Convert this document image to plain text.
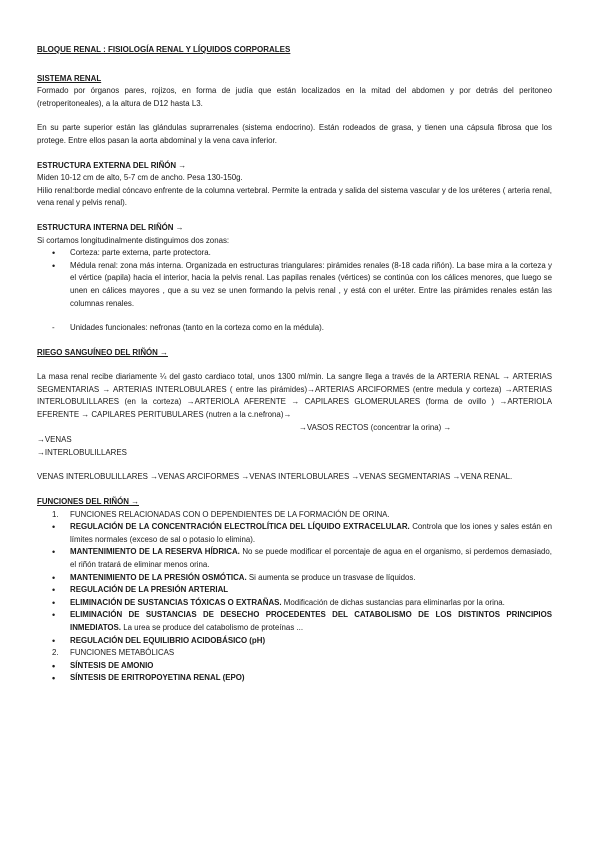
BLOQUE RENAL : FISIOLOGÍA RENAL Y LÍQUIDOS CORPORALES
SISTEMA RENAL

Formado por órganos pares, rojizos, en forma de judía que están localizados en la mitad del abdomen y por detrás del peritoneo (retroperitoneales), a la altura de D12 hasta L3.

En su parte superior están las glándulas suprarrenales (sistema endocrino). Están rodeados de grasa, y tienen una cápsula fibrosa que los protege. Entre ellos pasan la aorta abdominal y la vena cava inferior.

ESTRUCTURA EXTERNA DEL RIÑÓN →

Miden 10-12 cm de alto, 5-7 cm de ancho. Pesa 130-150g.

Hilio renal:borde medial cóncavo enfrente de la columna vertebral. Permite la entrada y salida del sistema vascular y de los uréteres ( arteria renal, vena renal y pelvis renal).

ESTRUCTURA INTERNA DEL RIÑÓN →

Si cortamos longitudinalmente distinguimos dos zonas:

• Corteza: parte externa, parte protectora.
• Médula renal: zona más interna. Organizada en estructuras triangulares: pirámides renales (8-18 cada riñón). La base mira a la corteza y el vértice (papila) hacia el interior, hacia la pelvis renal. Las papilas renales (vértices) se continúa con los cálices menores, que luego se unen en cálices mayores , que a su vez se unen formando la pelvis renal , y está con el uréter. Entre las pirámides renales están las columnas renales.
- Unidades funcionales: nefronas (tanto en la corteza como en la médula).
RIEGO SANGUÍNEO DEL RIÑÓN →

La masa renal recibe diariamente ¼ del gasto cardiaco total, unos 1300 ml/min. La sangre llega a través de la ARTERIA RENAL → ARTERIAS SEGMENTARIAS → ARTERIAS INTERLOBULARES ( entre las pirámides)→ARTERIAS ARCIFORMES (entre medula y corteza) →ARTERIAS INTERLOBULILLARES (en la corteza) →ARTERIOLA AFERENTE → CAPILARES GLOMERULARES (forma de ovillo ) →ARTERIOLA EFERENTE → CAPILARES PERITUBULARES (nutren a la c.nefrona)→

→VASOS RECTOS (concentrar la orina) →
→VENAS
→INTERLOBULILLARES
VENAS INTERLOBULILLARES →VENAS ARCIFORMES →VENAS INTERLOBULARES →VENAS SEGMENTARIAS →VENA RENAL.
FUNCIONES DEL RIÑÓN →
1. FUNCIONES RELACIONADAS CON O DEPENDIENTES DE LA FORMACIÓN DE ORINA.
• REGULACIÓN DE LA CONCENTRACIÓN ELECTROLÍTICA DEL LÍQUIDO EXTRACELULAR. Controla que los iones y sales están en límites normales (exceso de sal o potasio lo elimina).
• MANTENIMIENTO DE LA RESERVA HÍDRICA. No se puede modificar el porcentaje de agua en el organismo, si perdemos demasiado, el riñón tratará de eliminar menos orina.
• MANTENIMIENTO DE LA PRESIÓN OSMÓTICA. Si aumenta se produce un trasvase de líquidos.
• REGULACIÓN DE LA PRESIÓN ARTERIAL
• ELIMINACIÓN DE SUSTANCIAS TÓXICAS O EXTRAÑAS. Modificación de dichas sustancias para eliminarlas por la orina.
• ELIMINACIÓN DE SUSTANCIAS DE DESECHO PROCEDENTES DEL CATABOLISMO DE LOS DISTINTOS PRINCIPIOS INMEDIATOS. La urea se produce del catabolismo de proteínas ...
• REGULACIÓN DEL EQUILIBRIO ACIDOBÁSICO (pH)
2. FUNCIONES METABÓLICAS
• SÍNTESIS DE AMONIO
• SÍNTESIS DE ERITROPOYETINA RENAL (EPO)
